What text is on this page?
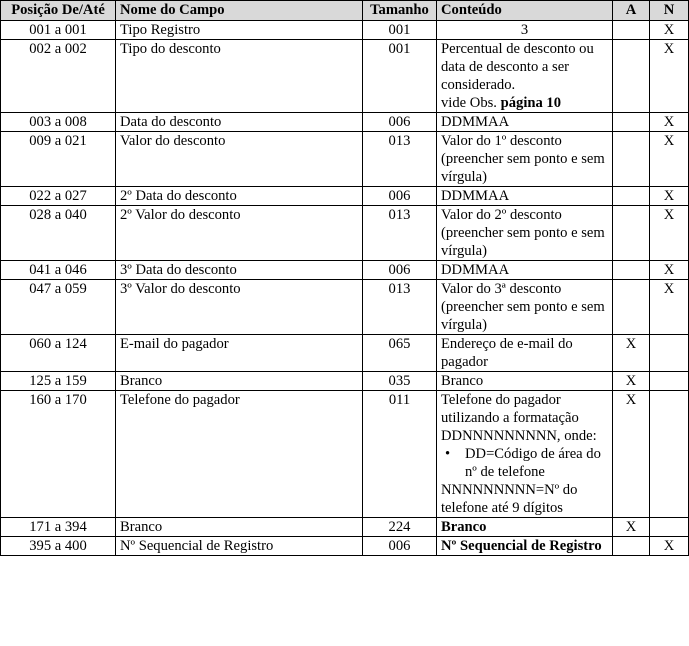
Posição De/Até	Nome do Campo	Tamanho	Conteúdo	A	N
001 a 001	Tipo Registro	001	3		X
002 a 002	Tipo do desconto	001	Percentual de desconto ou data de desconto a ser considerado.
vide Obs. página 10		X
003 a 008	Data do desconto	006	DDMMAA		X
009 a 021	Valor do desconto	013	Valor do 1º desconto (preencher sem ponto e sem vírgula)		X
022 a 027	2º Data do desconto	006	DDMMAA		X
028 a 040	2º Valor do desconto	013	Valor do 2º desconto (preencher sem ponto e sem vírgula)		X
041 a 046	3º Data do desconto	006	DDMMAA		X
047 a 059	3º Valor do desconto	013	Valor do 3ª desconto (preencher sem ponto e sem vírgula)		X
060 a 124	E-mail do pagador	065	Endereço de e-mail do pagador	X	
125 a 159	Branco	035	Branco	X	
160 a 170	Telefone do pagador	011	Telefone do pagador utilizando a formatação DDNNNNNNNNN, onde:
• DD=Código de área do nº de telefone
NNNNNNNNN=Nº do telefone até 9 dígitos	X	
171 a 394	Branco	224	Branco	X	
395 a 400	Nº Sequencial de Registro	006	Nº Sequencial de Registro		X
